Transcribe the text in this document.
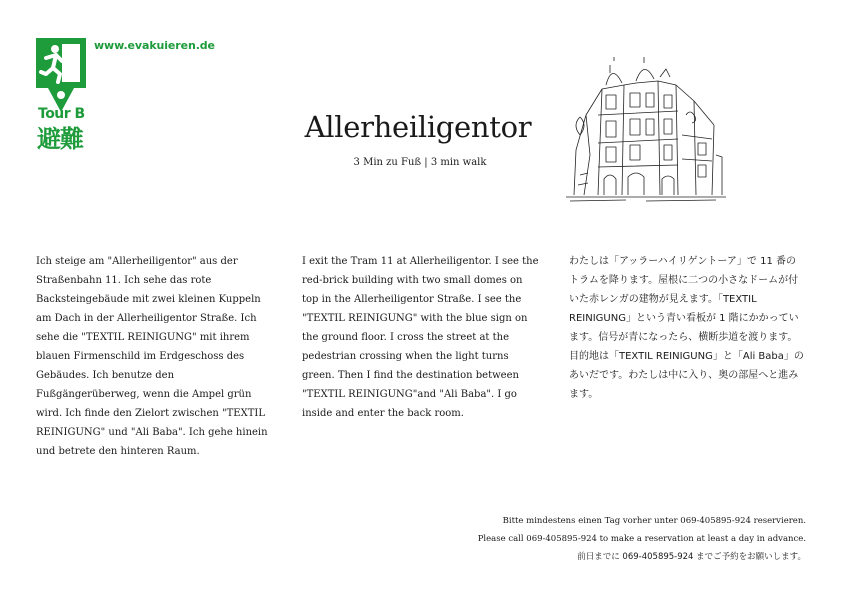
Tour B
避難
www.evakuieren.de
Allerheiligentor
3 Min zu Fuß | 3 min walk
Ich steige am "Allerheiligentor" aus der Straßenbahn 11. Ich sehe das rote Backsteingebäude mit zwei kleinen Kuppeln am Dach in der Allerheiligentor Straße. Ich sehe die "TEXTIL REINIGUNG" mit ihrem blauen Firmenschild im Erdgeschoss des Gebäudes. Ich benutze den Fußgängerüberweg, wenn die Ampel grün wird. Ich finde den Zielort zwischen "TEXTIL REINIGUNG" und "Ali Baba". Ich gehe hinein und betrete den hinteren Raum.
I exit the Tram 11 at Allerheiligentor. I see the red-brick building with two small domes on top in the Allerheiligentor Straße. I see the "TEXTIL REINIGUNG" with the blue sign on the ground floor. I cross the street at the pedestrian crossing when the light turns green. Then I find the destination between "TEXTIL REINIGUNG"and "Ali Baba". I go inside and enter the back room.
わたしは「アッラーハイリゲントーア」で 11 番のトラムを降ります。屋根に二つの小さなドームが付いた赤レンガの建物が見えます。「TEXTIL REINIGUNG」という青い看板が 1 階にかかっています。信号が青になったら、横断歩道を渡ります。目的地は「TEXTIL REINIGUNG」と「Ali Baba」のあいだです。わたしは中に入り、奥の部屋へと進みます。
Bitte mindestens einen Tag vorher unter 069-405895-924 reservieren.
Please call 069-405895-924 to make a reservation at least a day in advance.
前日までに 069-405895-924 までご予約をお願いします。
